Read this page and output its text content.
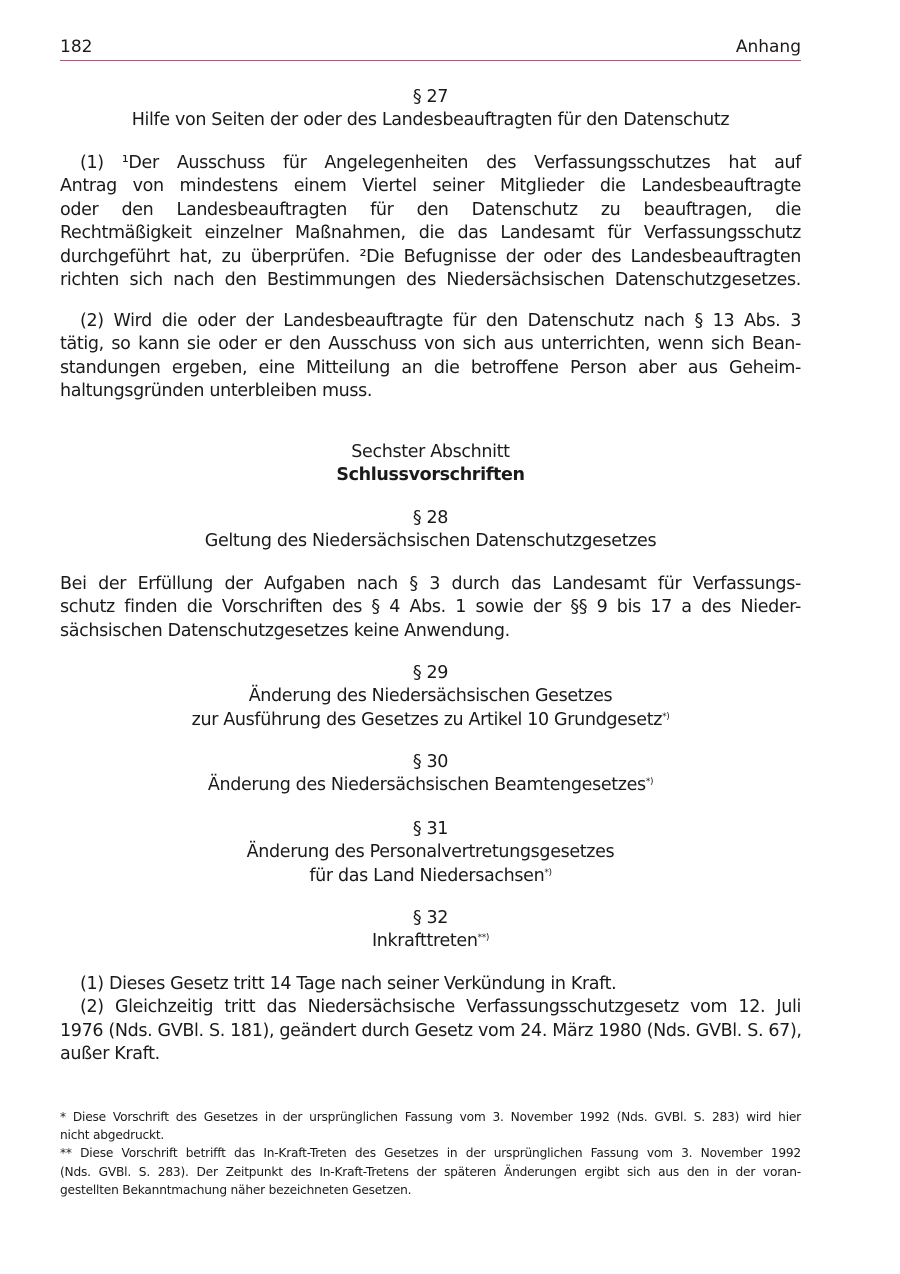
182	Anhang
§ 27
Hilfe von Seiten der oder des Landesbeauftragten für den Datenschutz
(1) ¹Der Ausschuss für Angelegenheiten des Verfassungsschutzes hat auf
Antrag von mindestens einem Viertel seiner Mitglieder die Landesbeauftragte
oder den Landesbeauftragten für den Datenschutz zu beauftragen, die
Rechtmäßigkeit einzelner Maßnahmen, die das Landesamt für Verfassungsschutz
durchgeführt hat, zu überprüfen. ²Die Befugnisse der oder des Landesbeauftragten
richten sich nach den Bestimmungen des Niedersächsischen Datenschutzgesetzes.
(2) Wird die oder der Landesbeauftragte für den Datenschutz nach § 13 Abs. 3
tätig, so kann sie oder er den Ausschuss von sich aus unterrichten, wenn sich Bean-
standungen ergeben, eine Mitteilung an die betroffene Person aber aus Geheim-
haltungsgründen unterbleiben muss.
Sechster Abschnitt
Schlussvorschriften
§ 28
Geltung des Niedersächsischen Datenschutzgesetzes
Bei der Erfüllung der Aufgaben nach § 3 durch das Landesamt für Verfassungs-
schutz finden die Vorschriften des § 4 Abs. 1 sowie der §§ 9 bis 17 a des Nieder-
sächsischen Datenschutzgesetzes keine Anwendung.
§ 29
Änderung des Niedersächsischen Gesetzes
zur Ausführung des Gesetzes zu Artikel 10 Grundgesetz*)
§ 30
Änderung des Niedersächsischen Beamtengesetzes*)
§ 31
Änderung des Personalvertretungsgesetzes
für das Land Niedersachsen*)
§ 32
Inkrafttreten**)
(1) Dieses Gesetz tritt 14 Tage nach seiner Verkündung in Kraft.
(2) Gleichzeitig tritt das Niedersächsische Verfassungsschutzgesetz vom 12. Juli
1976 (Nds. GVBl. S. 181), geändert durch Gesetz vom 24. März 1980 (Nds. GVBl. S. 67),
außer Kraft.
* Diese Vorschrift des Gesetzes in der ursprünglichen Fassung vom 3. November 1992 (Nds. GVBl. S. 283) wird hier
nicht abgedruckt.
** Diese Vorschrift betrifft das In-Kraft-Treten des Gesetzes in der ursprünglichen Fassung vom 3. November 1992
(Nds. GVBl. S. 283). Der Zeitpunkt des In-Kraft-Tretens der späteren Änderungen ergibt sich aus den in der voran-
gestellten Bekanntmachung näher bezeichneten Gesetzen.
